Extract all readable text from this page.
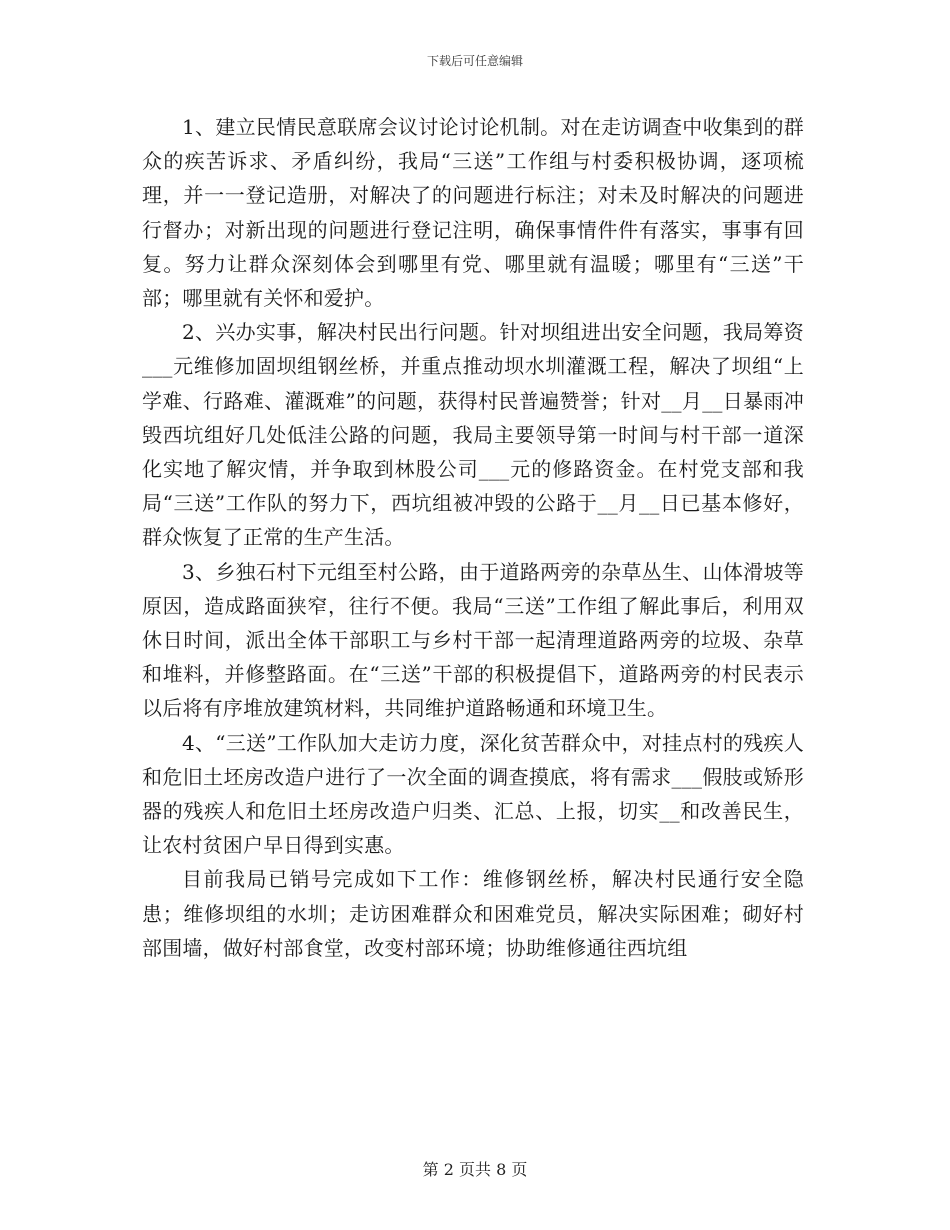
下载后可任意编辑

1、建立民情民意联席会议讨论讨论机制。对在走访调查中收集到的群众的疾苦诉求、矛盾纠纷，我局“三送”工作组与村委积极协调，逐项梳理，并一一登记造册，对解决了的问题进行标注；对未及时解决的问题进行督办；对新出现的问题进行登记注明，确保事情件件有落实，事事有回复。努力让群众深刻体会到哪里有党、哪里就有温暖；哪里有“三送”干部；哪里就有关怀和爱护。

2、兴办实事，解决村民出行问题。针对坝组进出安全问题，我局筹资___元维修加固坝组钢丝桥，并重点推动坝水圳灌溉工程，解决了坝组“上学难、行路难、灌溉难”的问题，获得村民普遍赞誉；针对__月__日暴雨冲毁西坑组好几处低洼公路的问题，我局主要领导第一时间与村干部一道深化实地了解灾情，并争取到林股公司___元的修路资金。在村党支部和我局“三送”工作队的努力下，西坑组被冲毁的公路于__月__日已基本修好，群众恢复了正常的生产生活。

3、乡独石村下元组至村公路，由于道路两旁的杂草丛生、山体滑坡等原因，造成路面狭窄，往行不便。我局“三送”工作组了解此事后，利用双休日时间，派出全体干部职工与乡村干部一起清理道路两旁的垃圾、杂草和堆料，并修整路面。在“三送”干部的积极提倡下，道路两旁的村民表示以后将有序堆放建筑材料，共同维护道路畅通和环境卫生。

4、“三送”工作队加大走访力度，深化贫苦群众中，对挂点村的残疾人和危旧土坯房改造户进行了一次全面的调查摸底，将有需求___假肢或矫形器的残疾人和危旧土坯房改造户归类、汇总、上报，切实__和改善民生，让农村贫困户早日得到实惠。

目前我局已销号完成如下工作：维修钢丝桥，解决村民通行安全隐患；维修坝组的水圳；走访困难群众和困难党员，解决实际困难；砌好村部围墙，做好村部食堂，改变村部环境；协助维修通往西坑组

第 2 页共 8 页
